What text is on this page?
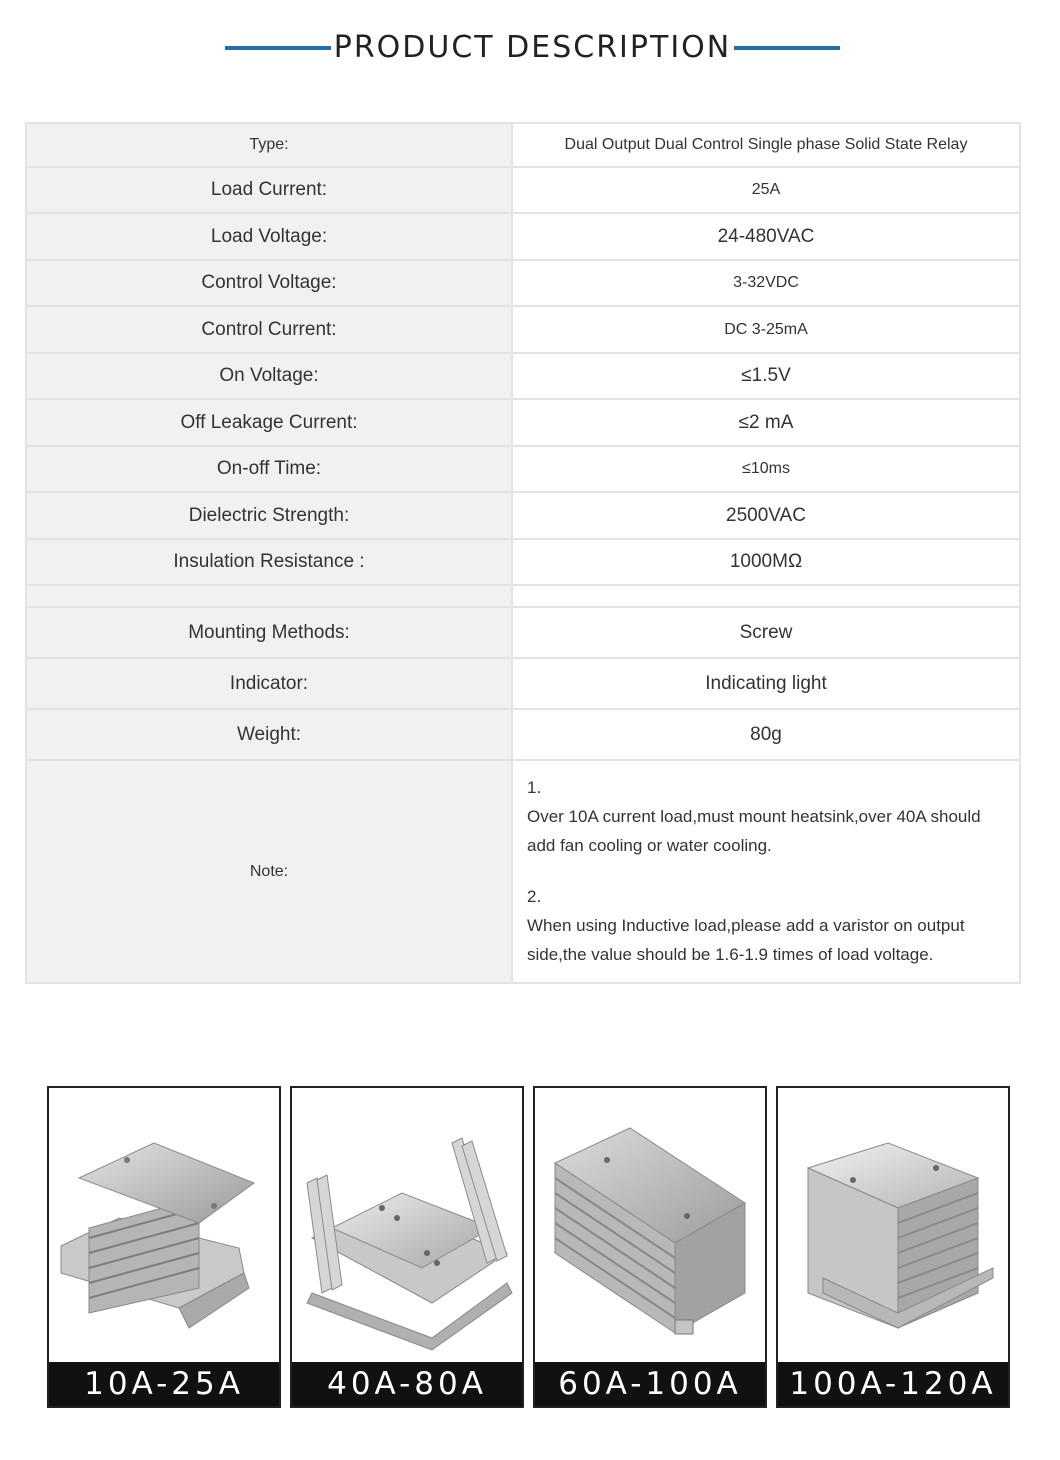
PRODUCT DESCRIPTION
Type:	Dual Output Dual Control Single phase Solid State Relay
Load Current:	25A
Load Voltage:	24-480VAC
Control Voltage:	3-32VDC
Control Current:	DC 3-25mA
On Voltage:	≤1.5V
Off Leakage Current:	≤2 mA
On-off Time:	≤10ms
Dielectric Strength:	2500VAC
Insulation Resistance :	1000MΩ

Mounting Methods:	Screw
Indicator:	Indicating light
Weight:	80g
Note:	1.

Over 10A current load,must mount heatsink,over 40A should add fan cooling or water cooling.

2.

When using Inductive load,please add a varistor on output side,the value should be 1.6-1.9 times of load voltage.

10A-25A	40A-80A	60A-100A	100A-120A
